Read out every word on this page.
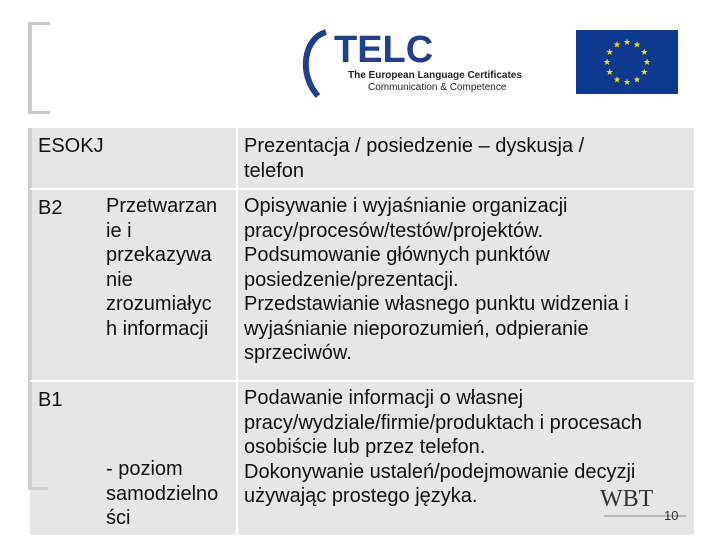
TELC
The European Language Certificates
Communication & Competence
★ ★
★
★
★
★
★
★
★
★
★
★
ESOKJ	Prezentacja / posiedzenie – dyskusja /
telefon
B2 Przetwarzan
ie i
przekazywa
nie
zrozumiałyc
h informacji
Opisywanie i wyjaśnianie organizacji
pracy/procesów/testów/projektów.
Podsumowanie głównych punktów
posiedzenie/prezentacji.
Przedstawianie własnego punktu widzenia i
wyjaśnianie nieporozumień, odpieranie
sprzeciwów.
B1
- poziom
samodzielno
ści
Podawanie informacji o własnej
pracy/wydziale/firmie/produktach i procesach
osobiście lub przez telefon.
Dokonywanie ustaleń/podejmowanie decyzji
używając prostego języka.	WBT
10
